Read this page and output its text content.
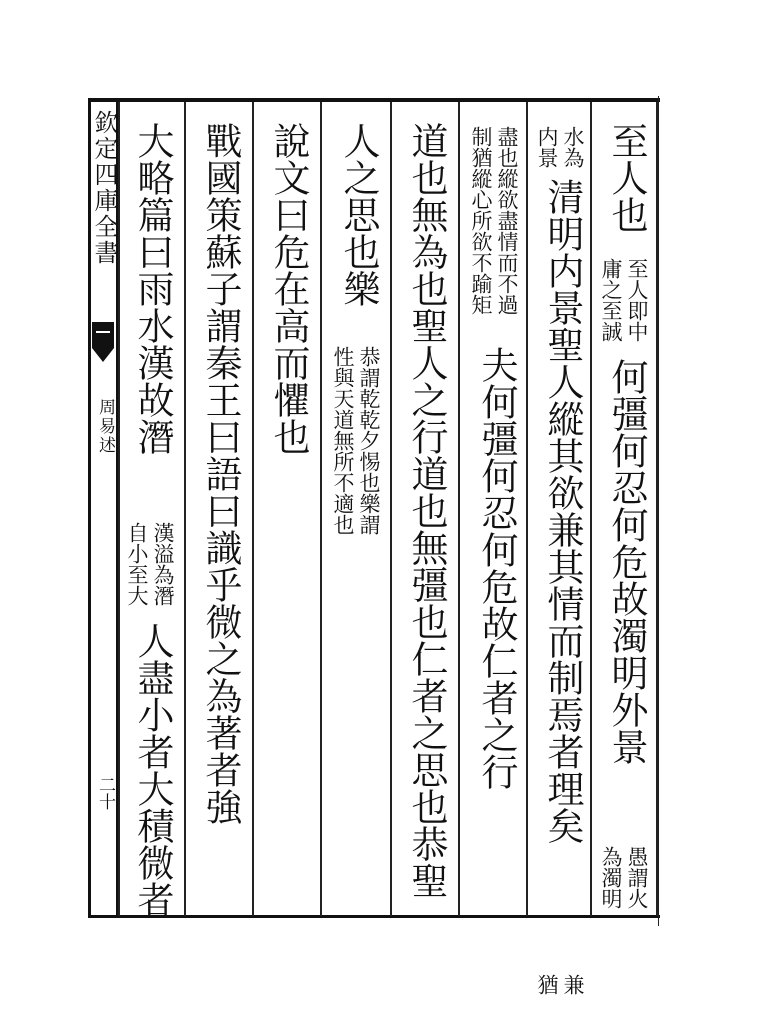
欽定四庫全書
周易述
二十
至人也
至人即中
庸之至誠
何彊何忍何危故濁明外景
愚謂火
為濁明
水為
内景
清明内景聖人縱其欲兼其情而制焉者理矣
兼
猶
盡也縱欲盡情而不過
制猶縱心所欲不踰矩
夫何彊何忍何危故仁者之行
道也無為也聖人之行道也無彊也仁者之思也恭聖
人之思也樂
恭謂乾乾夕惕也樂謂
性與天道無所不適也
說文曰危在高而懼也
戰國策蘇子謂秦王曰語曰識乎微之為著者強
大略篇曰雨水漢故潛
漢溢為潛
自小至大
人盡小者大積微者
